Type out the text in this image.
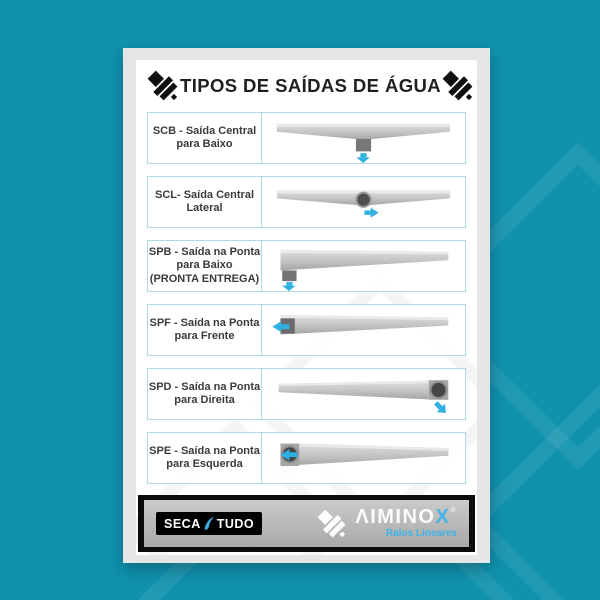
TIPOS DE SAÍDAS DE ÁGUA
SCB - Saída Central
para Baixo
SCL- Saída Central
Lateral
SPB - Saída na Ponta
para Baixo
(PRONTA ENTREGA)
SPF - Saída na Ponta
para Frente
SPD - Saída na Ponta
para Direita
SPE - Saída na Ponta
para Esquerda
SECA TUDO	ΛIMINO X ®
Ralos Lineares
